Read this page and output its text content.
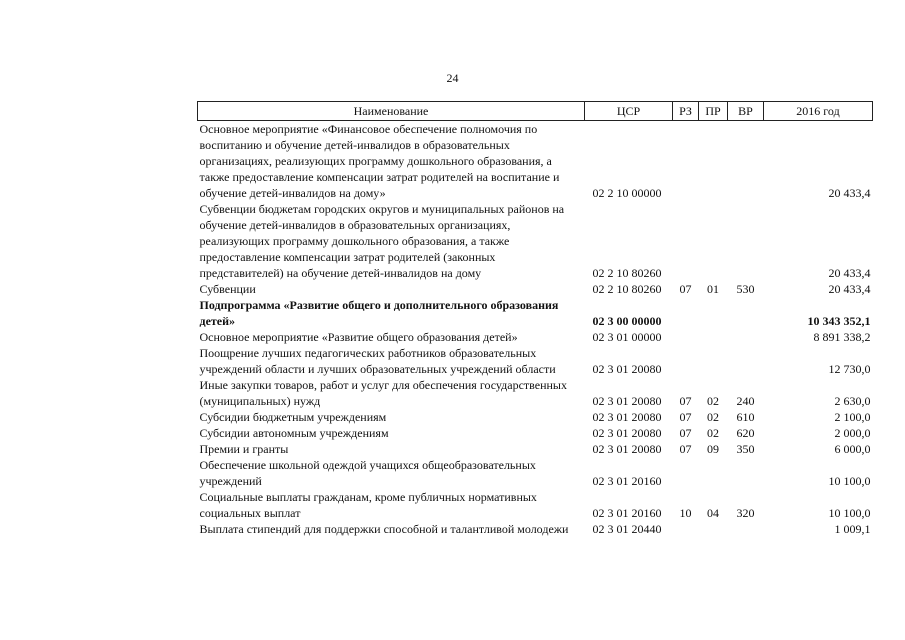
24
Наименование	ЦСР	РЗ	ПР	ВР	2016 год
Основное мероприятие «Финансовое обеспечение полномочия по воспитанию и обучение детей-инвалидов в образовательных организациях, реализующих программу дошкольного образования, а также предоставление компенсации затрат родителей на воспитание и обучение детей-инвалидов на дому»	02 2 10 00000				20 433,4
Субвенции бюджетам городских округов и муниципальных районов на обучение детей-инвалидов в образовательных организациях, реализующих программу дошкольного образования, а также предоставление компенсации затрат родителей (законных представителей) на обучение детей-инвалидов на дому	02 2 10 80260				20 433,4
Субвенции	02 2 10 80260	07	01	530	20 433,4
Подпрограмма «Развитие общего и дополнительного образования детей»	02 3 00 00000				10 343 352,1
Основное мероприятие «Развитие общего образования детей»	02 3 01 00000				8 891 338,2
Поощрение лучших педагогических работников образовательных учреждений области и лучших образовательных учреждений области	02 3 01 20080				12 730,0
Иные закупки товаров, работ и услуг для обеспечения государственных (муниципальных) нужд	02 3 01 20080	07	02	240	2 630,0
Субсидии бюджетным учреждениям	02 3 01 20080	07	02	610	2 100,0
Субсидии автономным учреждениям	02 3 01 20080	07	02	620	2 000,0
Премии и гранты	02 3 01 20080	07	09	350	6 000,0
Обеспечение школьной одеждой учащихся общеобразовательных учреждений	02 3 01 20160				10 100,0
Социальные выплаты гражданам, кроме публичных нормативных социальных выплат	02 3 01 20160	10	04	320	10 100,0
Выплата стипендий для поддержки способной и талантливой молодежи	02 3 01 20440				1 009,1
